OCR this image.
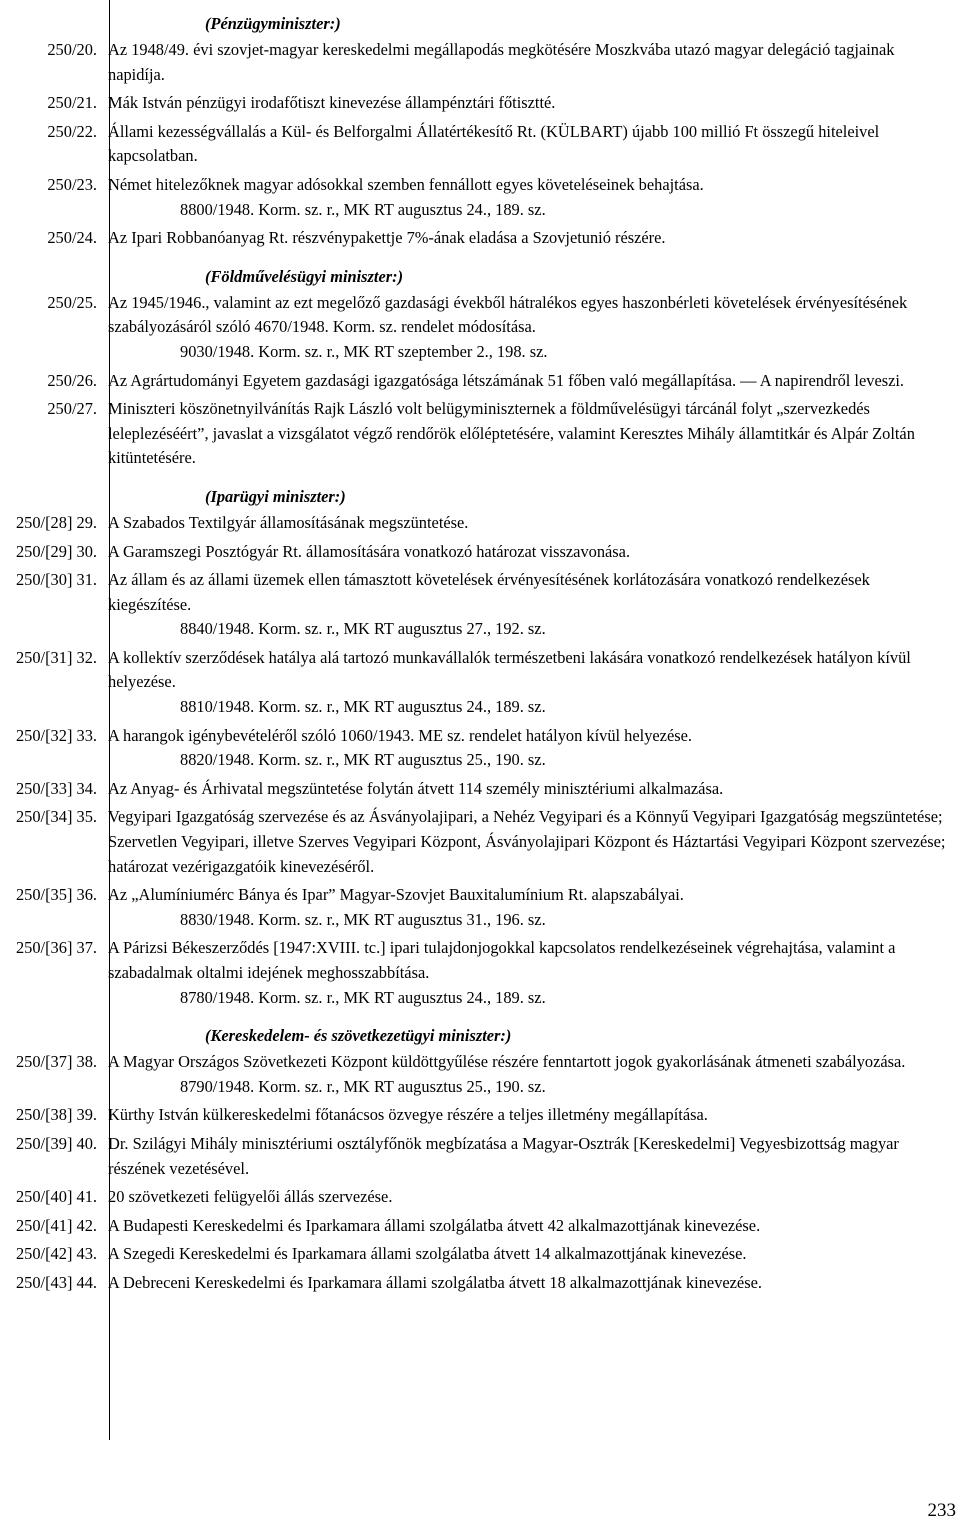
(Pénzügyminiszter:)
250/20. Az 1948/49. évi szovjet-magyar kereskedelmi megállapodás megkötésére Moszkvába utazó magyar delegáció tagjainak napidíja.
250/21. Mák István pénzügyi irodafőtiszt kinevezése állampénztári főtisztté.
250/22. Állami kezességvállalás a Kül- és Belforgalmi Állatértékesítő Rt. (KÜLBART) újabb 100 millió Ft összegű hiteleivel kapcsolatban.
250/23. Német hitelezőknek magyar adósokkal szemben fennállott egyes követeléseinek behajtása.
8800/1948. Korm. sz. r., MK RT augusztus 24., 189. sz.
250/24. Az Ipari Robbanóanyag Rt. részvénypakettje 7%-ának eladása a Szovjetunió részére.
(Földművelésügyi miniszter:)
250/25. Az 1945/1946., valamint az ezt megelőző gazdasági évekből hátralékos egyes haszonbérleti követelések érvényesítésének szabályozásáról szóló 4670/1948. Korm. sz. rendelet módosítása.
9030/1948. Korm. sz. r., MK RT szeptember 2., 198. sz.
250/26. Az Agrártudományi Egyetem gazdasági igazgatósága létszámának 51 főben való megállapítása. ― A napirendről leveszi.
250/27. Miniszteri köszönetnyilvánítás Rajk László volt belügyminiszternek a földművelésügyi tárcánál folyt „szervezkedés leleplezéséért”, javaslat a vizsgálatot végző rendőrök előléptetésére, valamint Keresztes Mihály államtitkár és Alpár Zoltán kitüntetésére.
(Iparügyi miniszter:)
250/[28] 29. A Szabados Textilgyár államosításának megszüntetése.
250/[29] 30. A Garamszegi Posztógyár Rt. államosítására vonatkozó határozat visszavonása.
250/[30] 31. Az állam és az állami üzemek ellen támasztott követelések érvényesítésének korlátozására vonatkozó rendelkezések kiegészítése.
8840/1948. Korm. sz. r., MK RT augusztus 27., 192. sz.
250/[31] 32. A kollektív szerződések hatálya alá tartozó munkavállalók természetbeni lakására vonatkozó rendelkezések hatályon kívül helyezése.
8810/1948. Korm. sz. r., MK RT augusztus 24., 189. sz.
250/[32] 33. A harangok igénybevételéről szóló 1060/1943. ME sz. rendelet hatályon kívül helyezése.
8820/1948. Korm. sz. r., MK RT augusztus 25., 190. sz.
250/[33] 34. Az Anyag- és Árhivatal megszüntetése folytán átvett 114 személy minisztériumi alkalmazása.
250/[34] 35. Vegyipari Igazgatóság szervezése és az Ásványolajipari, a Nehéz Vegyipari és a Könnyű Vegyipari Igazgatóság megszüntetése;
Szervetlen Vegyipari, illetve Szerves Vegyipari Központ, Ásványolajipari Központ és Háztartási Vegyipari Központ szervezése;
határozat vezérigazgatóik kinevezéséről.
250/[35] 36. Az „Alumíniumérc Bánya és Ipar” Magyar-Szovjet Bauxitalumínium Rt. alapszabályai.
8830/1948. Korm. sz. r., MK RT augusztus 31., 196. sz.
250/[36] 37. A Párizsi Békeszerződés [1947:XVIII. tc.] ipari tulajdonjogokkal kapcsolatos rendelkezéseinek végrehajtása, valamint a szabadalmak oltalmi idejének meghosszabbítása.
8780/1948. Korm. sz. r., MK RT augusztus 24., 189. sz.
(Kereskedelem- és szövetkezetügyi miniszter:)
250/[37] 38. A Magyar Országos Szövetkezeti Központ küldöttgyűlése részére fenntartott jogok gyakorlásának átmeneti szabályozása.
8790/1948. Korm. sz. r., MK RT augusztus 25., 190. sz.
250/[38] 39. Kürthy István külkereskedelmi főtanácsos özvegye részére a teljes illetmény megállapítása.
250/[39] 40. Dr. Szilágyi Mihály minisztériumi osztályfőnök megbízatása a Magyar-Osztrák [Kereskedelmi] Vegyesbizottság magyar részének vezetésével.
250/[40] 41. 20 szövetkezeti felügyelői állás szervezése.
250/[41] 42. A Budapesti Kereskedelmi és Iparkamara állami szolgálatba átvett 42 alkalmazottjának kinevezése.
250/[42] 43. A Szegedi Kereskedelmi és Iparkamara állami szolgálatba átvett 14 alkalmazottjának kinevezése.
250/[43] 44. A Debreceni Kereskedelmi és Iparkamara állami szolgálatba átvett 18 alkalmazottjának kinevezése.
233
